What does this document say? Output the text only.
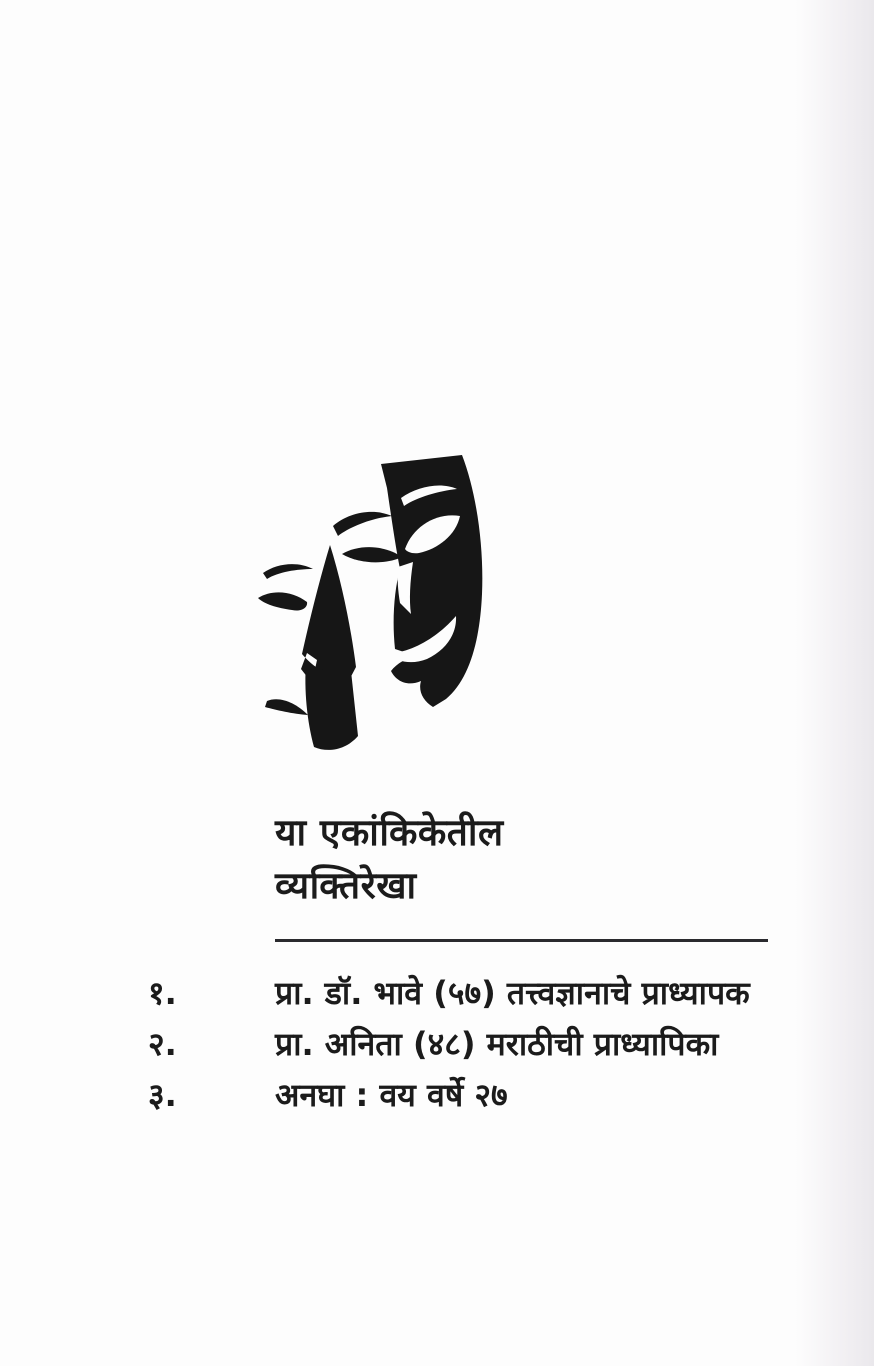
या एकांकिकेतील
व्यक्तिरेखा
१.	प्रा. डॉ. भावे (५७) तत्त्वज्ञानाचे प्राध्यापक
२.	प्रा. अनिता (४८) मराठीची प्राध्यापिका
३.	अनघा : वय वर्षे २७
